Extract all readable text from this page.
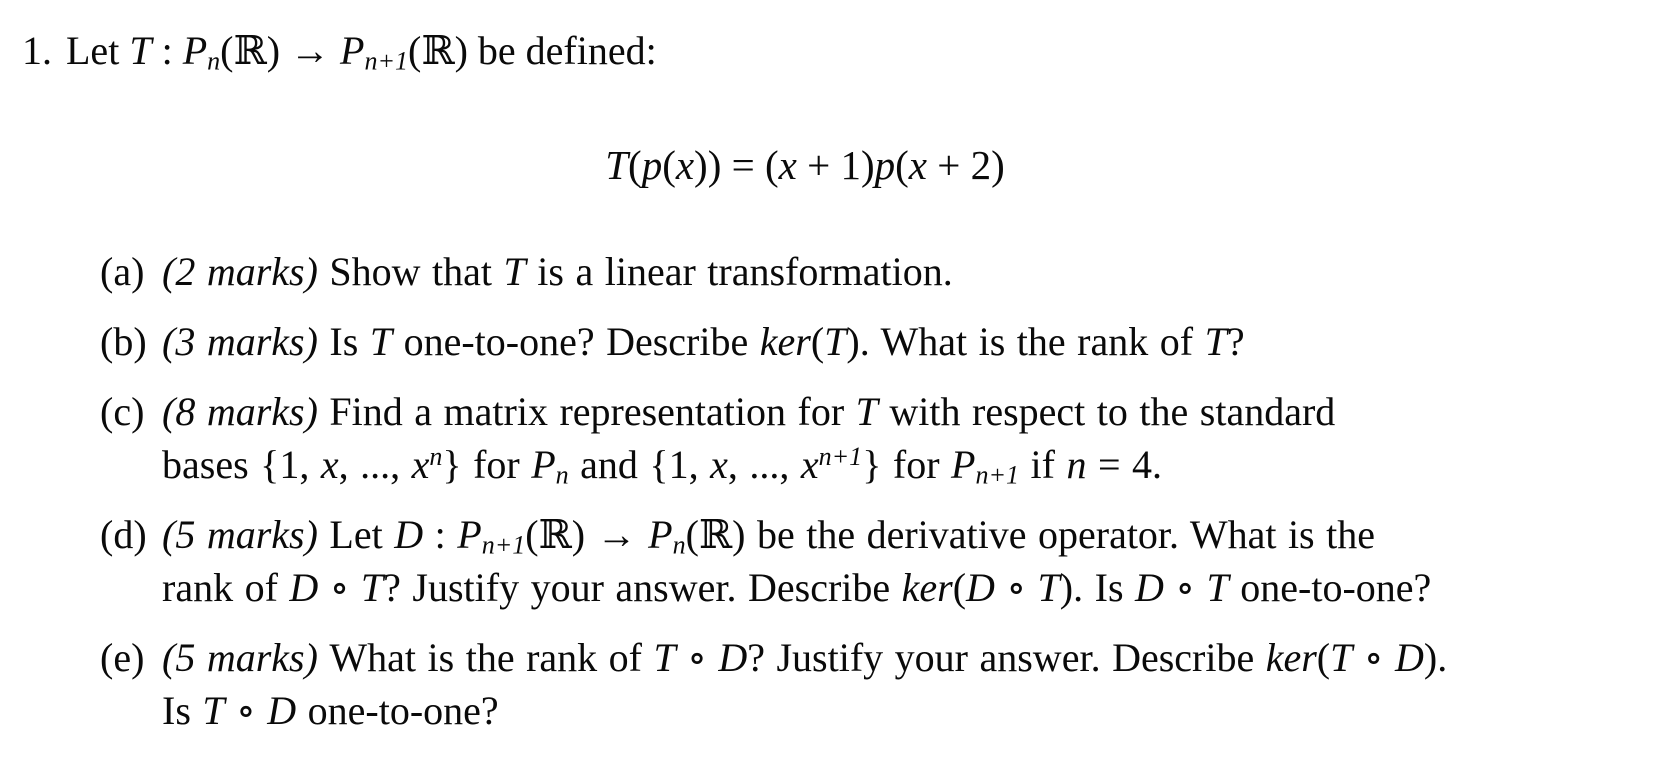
1. Let T : $P_n(ℝ)$ → $P_{n+1}(ℝ)$ be defined:
T(p(x)) = (x + 1)p(x + 2)
(a) (2 marks) Show that T is a linear transformation.
(b) (3 marks) Is T one-to-one? Describe ker(T). What is the rank of T?
(c) (8 marks) Find a matrix representation for T with respect to the standard
bases {1, x, ..., $x^n$} for $P_n$ and {1, x, ..., $x^{n+1}$} for $P_{n+1}$ if n = 4.
(d) (5 marks) Let D : $P_{n+1}(ℝ)$ → $P_n(ℝ)$ be the derivative operator. What is the
rank of D ∘ T? Justify your answer. Describe ker(D ∘ T). Is D ∘ T one-to-one?
(e) (5 marks) What is the rank of T ∘ D? Justify your answer. Describe ker(T ∘ D).
Is T ∘ D one-to-one?
